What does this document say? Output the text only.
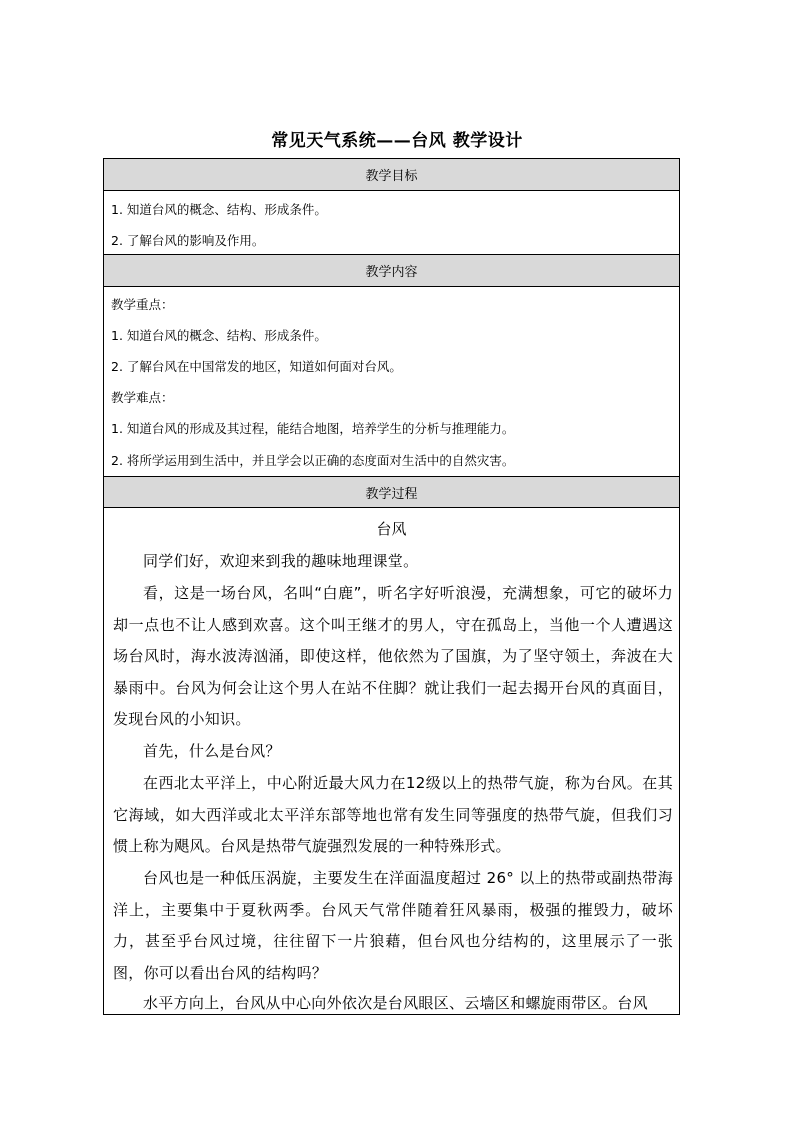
常见天气系统——台风 教学设计
教学目标
1. 知道台风的概念、结构、形成条件。
2. 了解台风的影响及作用。
教学内容
教学重点：
1. 知道台风的概念、结构、形成条件。
2. 了解台风在中国常发的地区，知道如何面对台风。
教学难点：
1. 知道台风的形成及其过程，能结合地图，培养学生的分析与推理能力。
2. 将所学运用到生活中，并且学会以正确的态度面对生活中的自然灾害。
教学过程
台风
同学们好，欢迎来到我的趣味地理课堂。
看，这是一场台风，名叫“白鹿”，听名字好听浪漫，充满想象，可它的破坏力却一点也不让人感到欢喜。这个叫王继才的男人，守在孤岛上，当他一个人遭遇这场台风时，海水波涛汹涌，即使这样，他依然为了国旗，为了坚守领土，奔波在大暴雨中。台风为何会让这个男人在站不住脚？就让我们一起去揭开台风的真面目，发现台风的小知识。
首先，什么是台风？
在西北太平洋上，中心附近最大风力在12级以上的热带气旋，称为台风。在其它海域，如大西洋或北太平洋东部等地也常有发生同等强度的热带气旋，但我们习惯上称为飓风。台风是热带气旋强烈发展的一种特殊形式。
台风也是一种低压涡旋，主要发生在洋面温度超过 26° 以上的热带或副热带海洋上，主要集中于夏秋两季。台风天气常伴随着狂风暴雨，极强的摧毁力，破坏力，甚至乎台风过境，往往留下一片狼藉，但台风也分结构的，这里展示了一张图，你可以看出台风的结构吗？
水平方向上，台风从中心向外依次是台风眼区、云墙区和螺旋雨带区。台风
